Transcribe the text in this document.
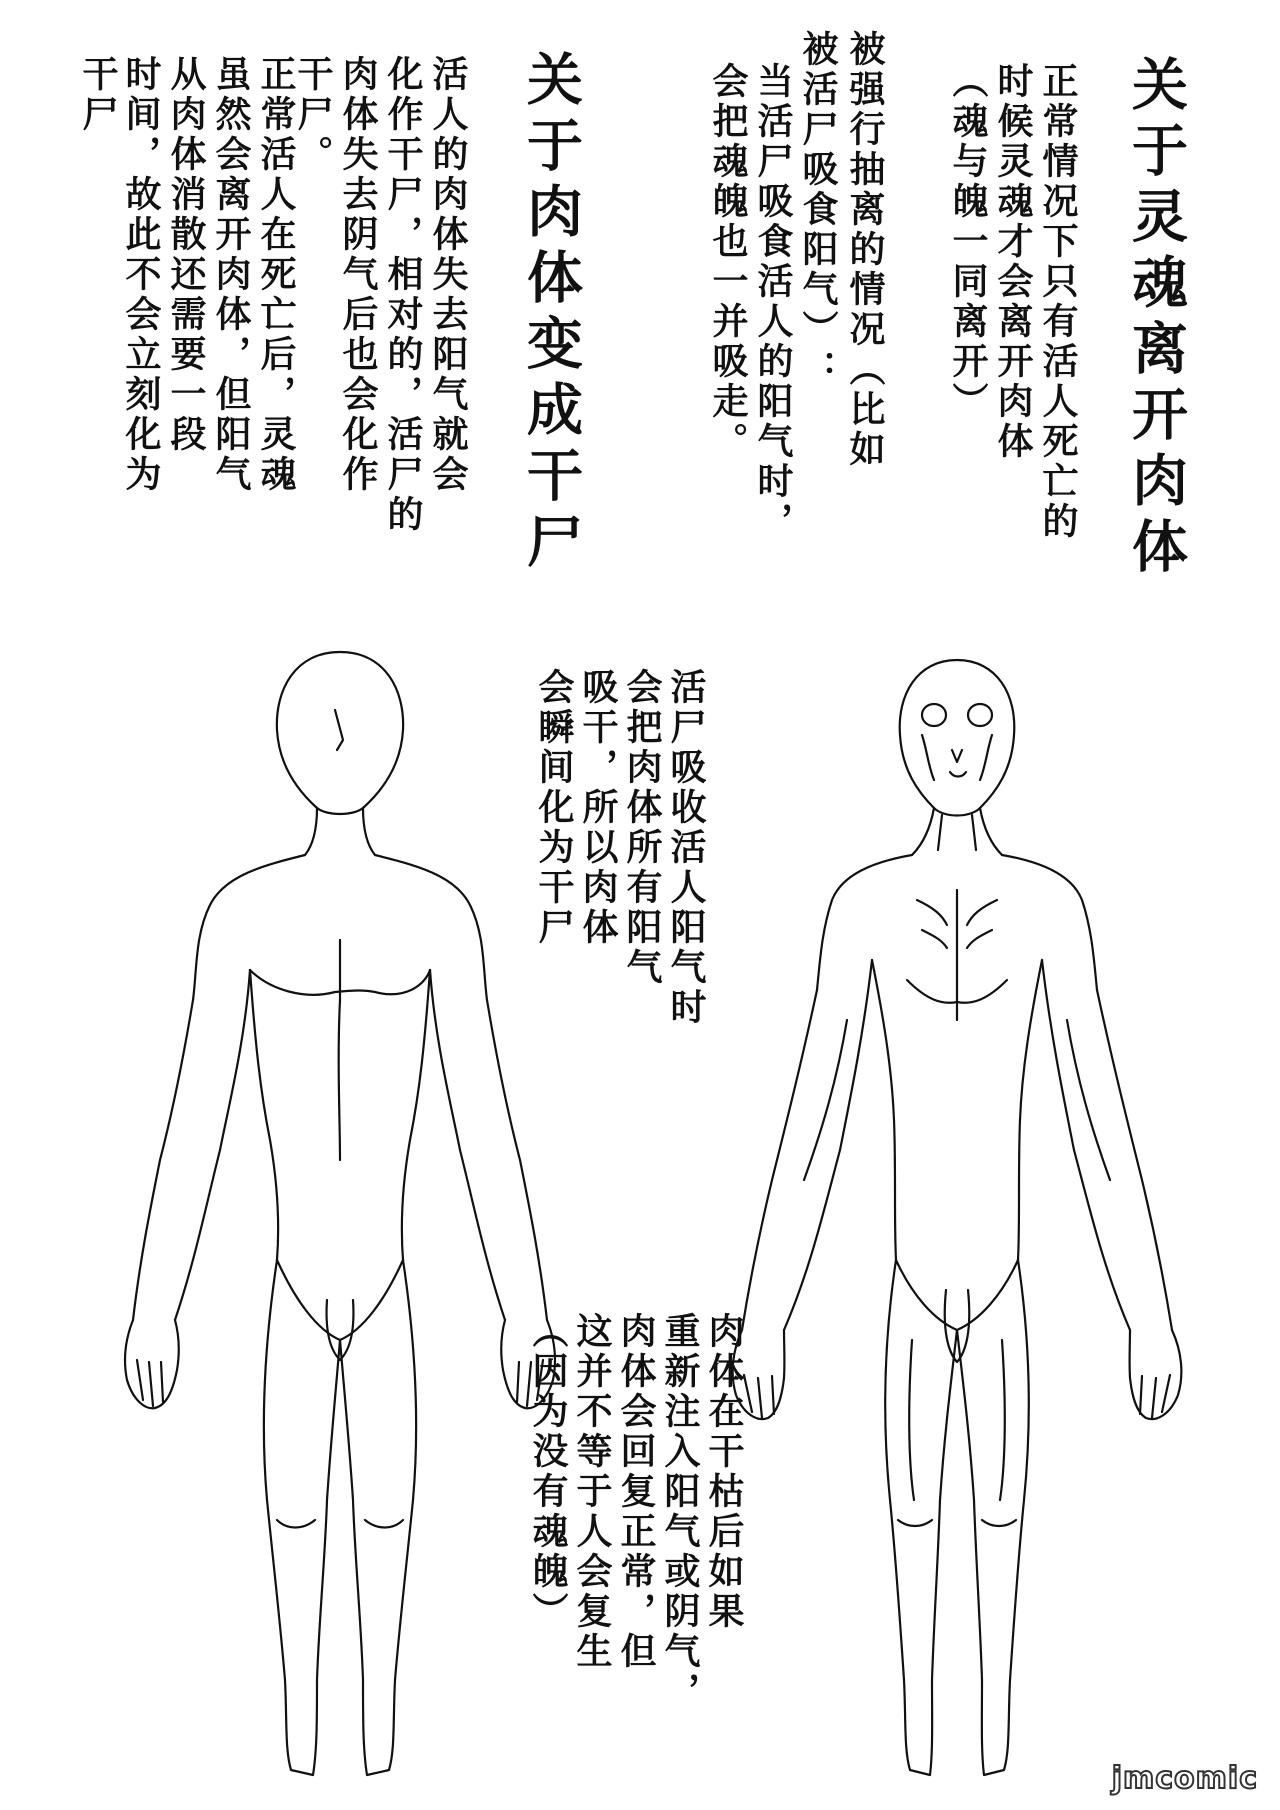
关于灵魂离开肉体
正常情况下只有活人死亡的
时候灵魂才会离开肉体
（魂与魄一同离开）
被强行抽离的情况（比如
被活尸吸食阳气）：
当活尸吸食活人的阳气时，
会把魂魄也一并吸走。
关于肉体变成干尸
活人的肉体失去阳气就会
化作干尸，相对的，活尸的
肉体失去阴气后也会化作
干尸。
正常活人在死亡后，灵魂
虽然会离开肉体，但阳气
从肉体消散还需要一段
时间，故此不会立刻化为
干尸
活尸吸收活人阳气时
会把肉体所有阳气
吸干，所以肉体
会瞬间化为干尸
肉体在干枯后如果
重新注入阳气或阴气，
肉体会回复正常，但
这并不等于人会复生
（因为没有魂魄）
jmcomic
